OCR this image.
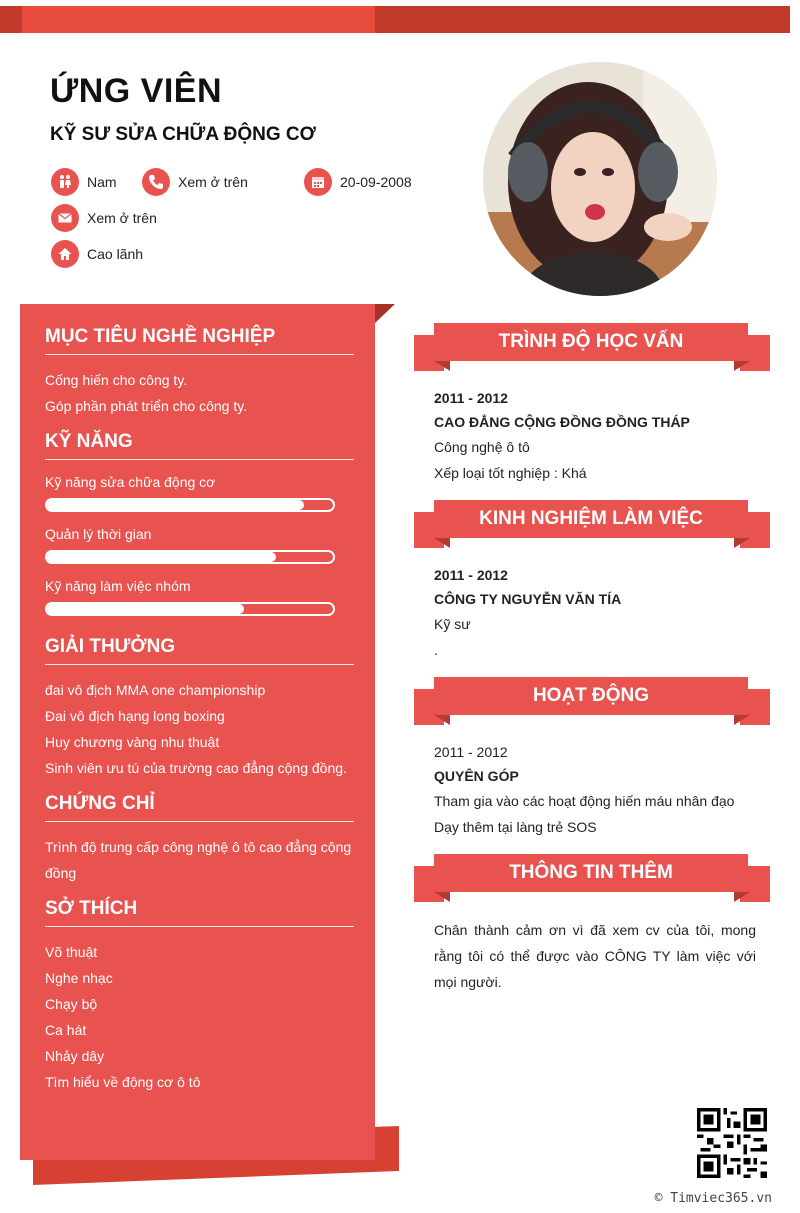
ỨNG VIÊN
KỸ SƯ SỬA CHỮA ĐỘNG CƠ
Nam	Xem ở trên	20-09-2008
Xem ở trên
Cao lãnh
MỤC TIÊU NGHỀ NGHIỆP
Cống hiến cho công ty.
Góp phần phát triển cho công ty.
KỸ NĂNG
Kỹ năng sửa chữa động cơ
Quản lý thời gian
Kỹ năng làm việc nhóm
GIẢI THƯỞNG
đai vô địch MMA one championship
Đai vô địch hạng long boxing
Huy chương vàng nhu thuật
Sinh viên ưu tú của trường cao đẳng cộng đồng.
CHỨNG CHỈ
Trình độ trung cấp công nghệ ô tô cao đẳng cộng đồng
SỞ THÍCH
Võ thuật
Nghe nhạc
Chạy bộ
Ca hát
Nhảy dây
Tìm hiểu về động cơ ô tô
TRÌNH ĐỘ HỌC VẤN
2011 - 2012
CAO ĐẲNG CỘNG ĐỒNG ĐỒNG THÁP
Công nghệ ô tô
Xếp loại tốt nghiệp : Khá
KINH NGHIỆM LÀM VIỆC
2011 - 2012
CÔNG TY NGUYỄN VĂN TÍA
Kỹ sư
.
HOẠT ĐỘNG
2011 - 2012
QUYÊN GÓP
Tham gia vào các hoạt động hiến máu nhân đạo
Dạy thêm tại làng trẻ SOS
THÔNG TIN THÊM
Chân thành cảm ơn vì đã xem cv của tôi, mong rằng tôi có thể được vào CÔNG TY làm việc với mọi người.
© Timviec365.vn
